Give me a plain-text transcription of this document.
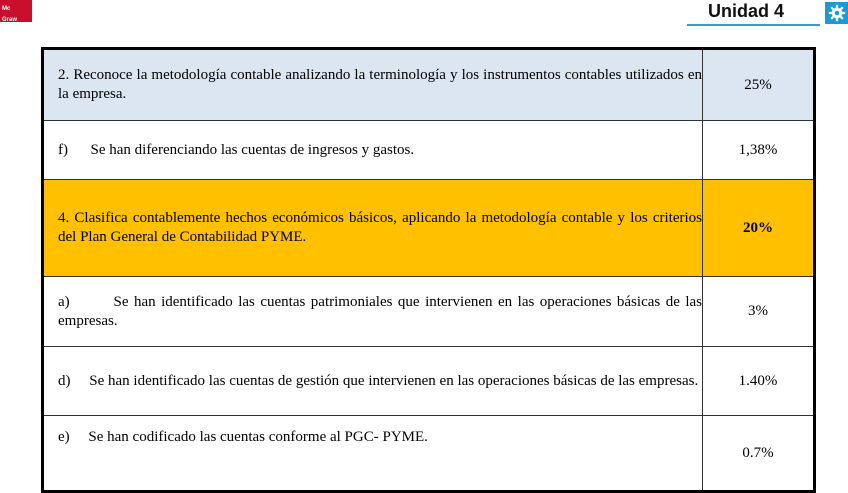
Mc

Graw

Hill

Education

Unidad 4
2. Reconoce la metodología contable analizando la terminología y los instrumentos contables utilizados en la empresa.	25%
f)      Se han diferenciando las cuentas de ingresos y gastos.	1,38%
4. Clasifica contablemente hechos económicos básicos, aplicando la metodología contable y los criterios del Plan General de Contabilidad PYME.	20%
a)        Se han identificado las cuentas patrimoniales que intervienen en las operaciones básicas de las empresas.	3%
d)     Se han identificado las cuentas de gestión que intervienen en las operaciones básicas de las empresas.	1.40%
e)     Se han codificado las cuentas conforme al PGC- PYME.	0.7%
